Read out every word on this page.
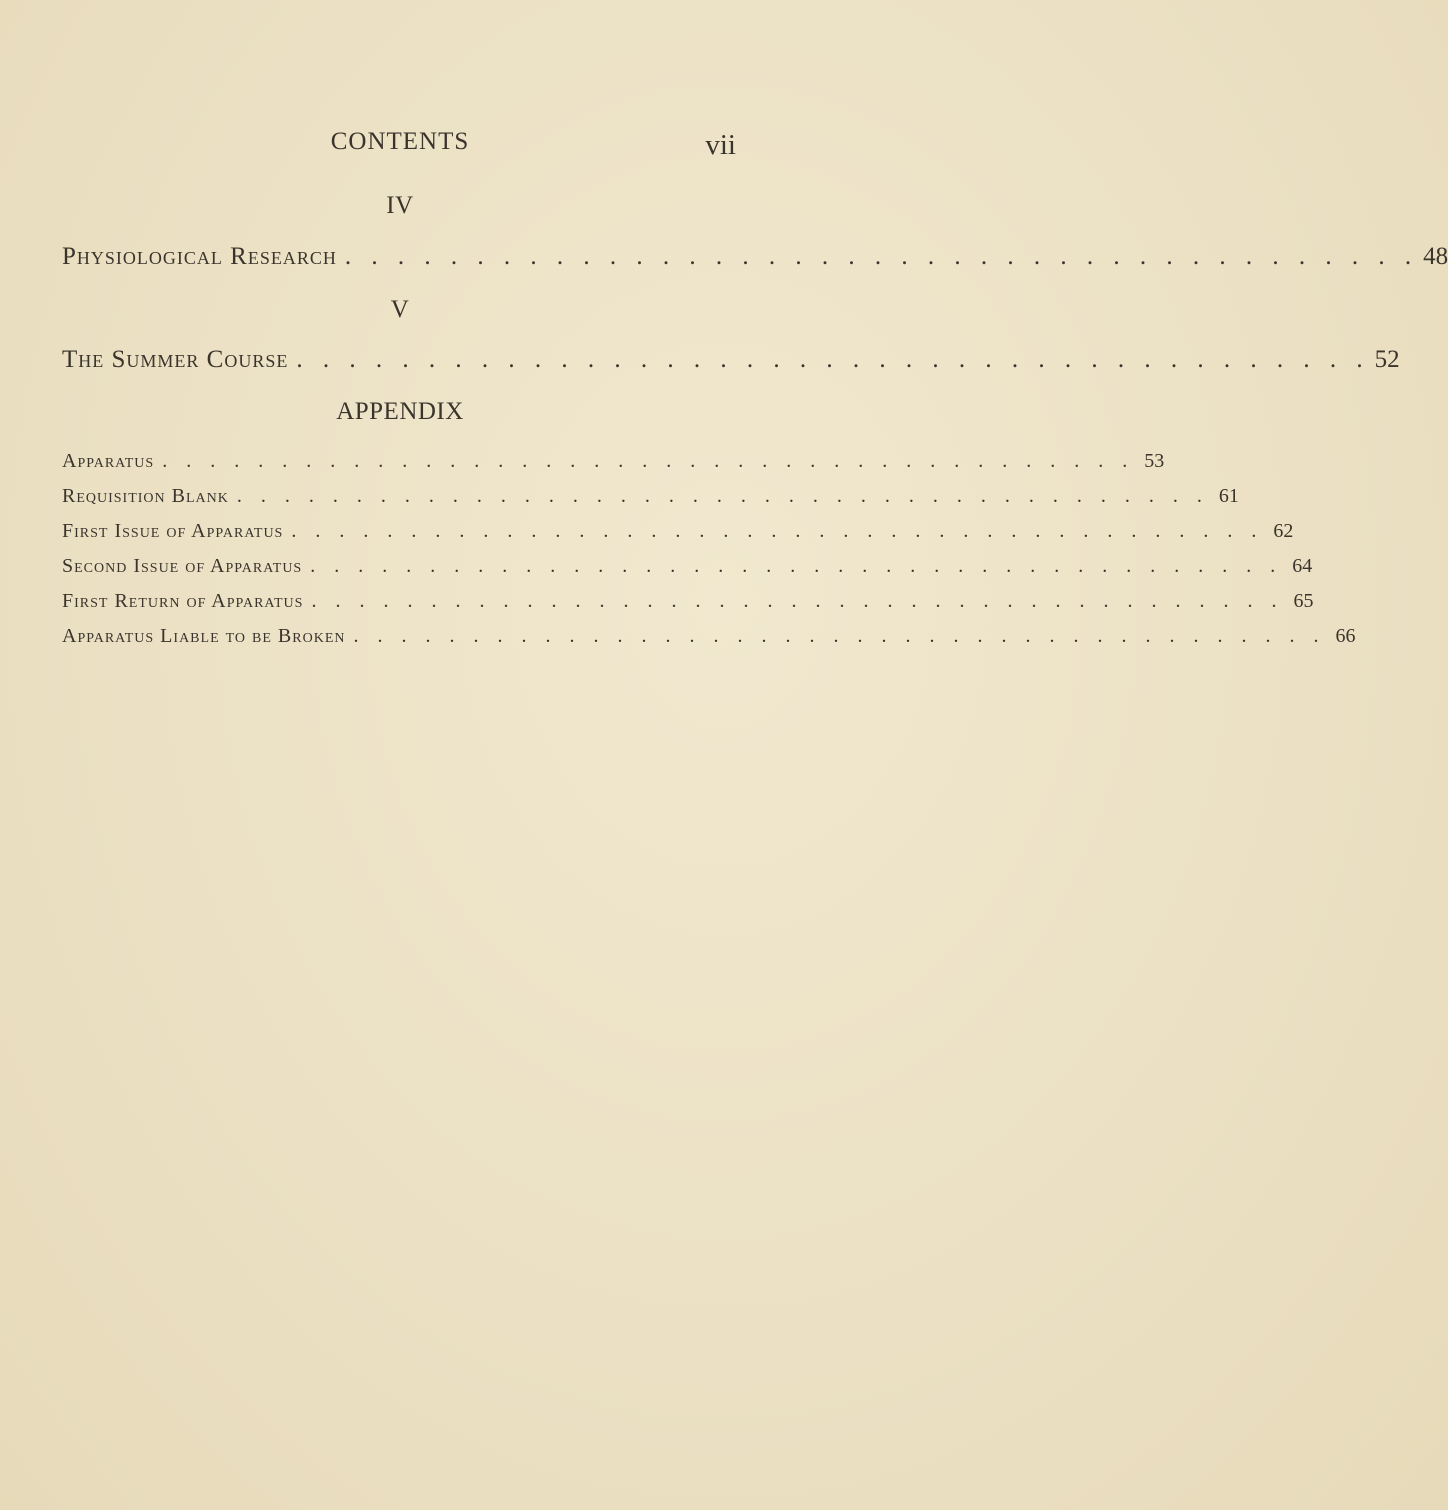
CONTENTS	vii
IV
Physiological Research . . . . . . . . . . . . . . . . . . . . . . . . . . . . . . . . . . . . . . . . . 48
V
The Summer Course . . . . . . . . . . . . . . . . . . . . . . . . . . . . . . . . . . . . . . . . . 52
APPENDIX
Apparatus . . . . . . . . . . . . . . . . . . . . . . . . . . . . . . . . . . . . . . . . . 53
Requisition Blank . . . . . . . . . . . . . . . . . . . . . . . . . . . . . . . . . . . . . . . . . 61
First Issue of Apparatus . . . . . . . . . . . . . . . . . . . . . . . . . . . . . . . . . . . . . . . . . 62
Second Issue of Apparatus . . . . . . . . . . . . . . . . . . . . . . . . . . . . . . . . . . . . . . . . . 64
First Return of Apparatus . . . . . . . . . . . . . . . . . . . . . . . . . . . . . . . . . . . . . . . . . 65
Apparatus Liable to be Broken . . . . . . . . . . . . . . . . . . . . . . . . . . . . . . . . . . . . . . . . . 66
